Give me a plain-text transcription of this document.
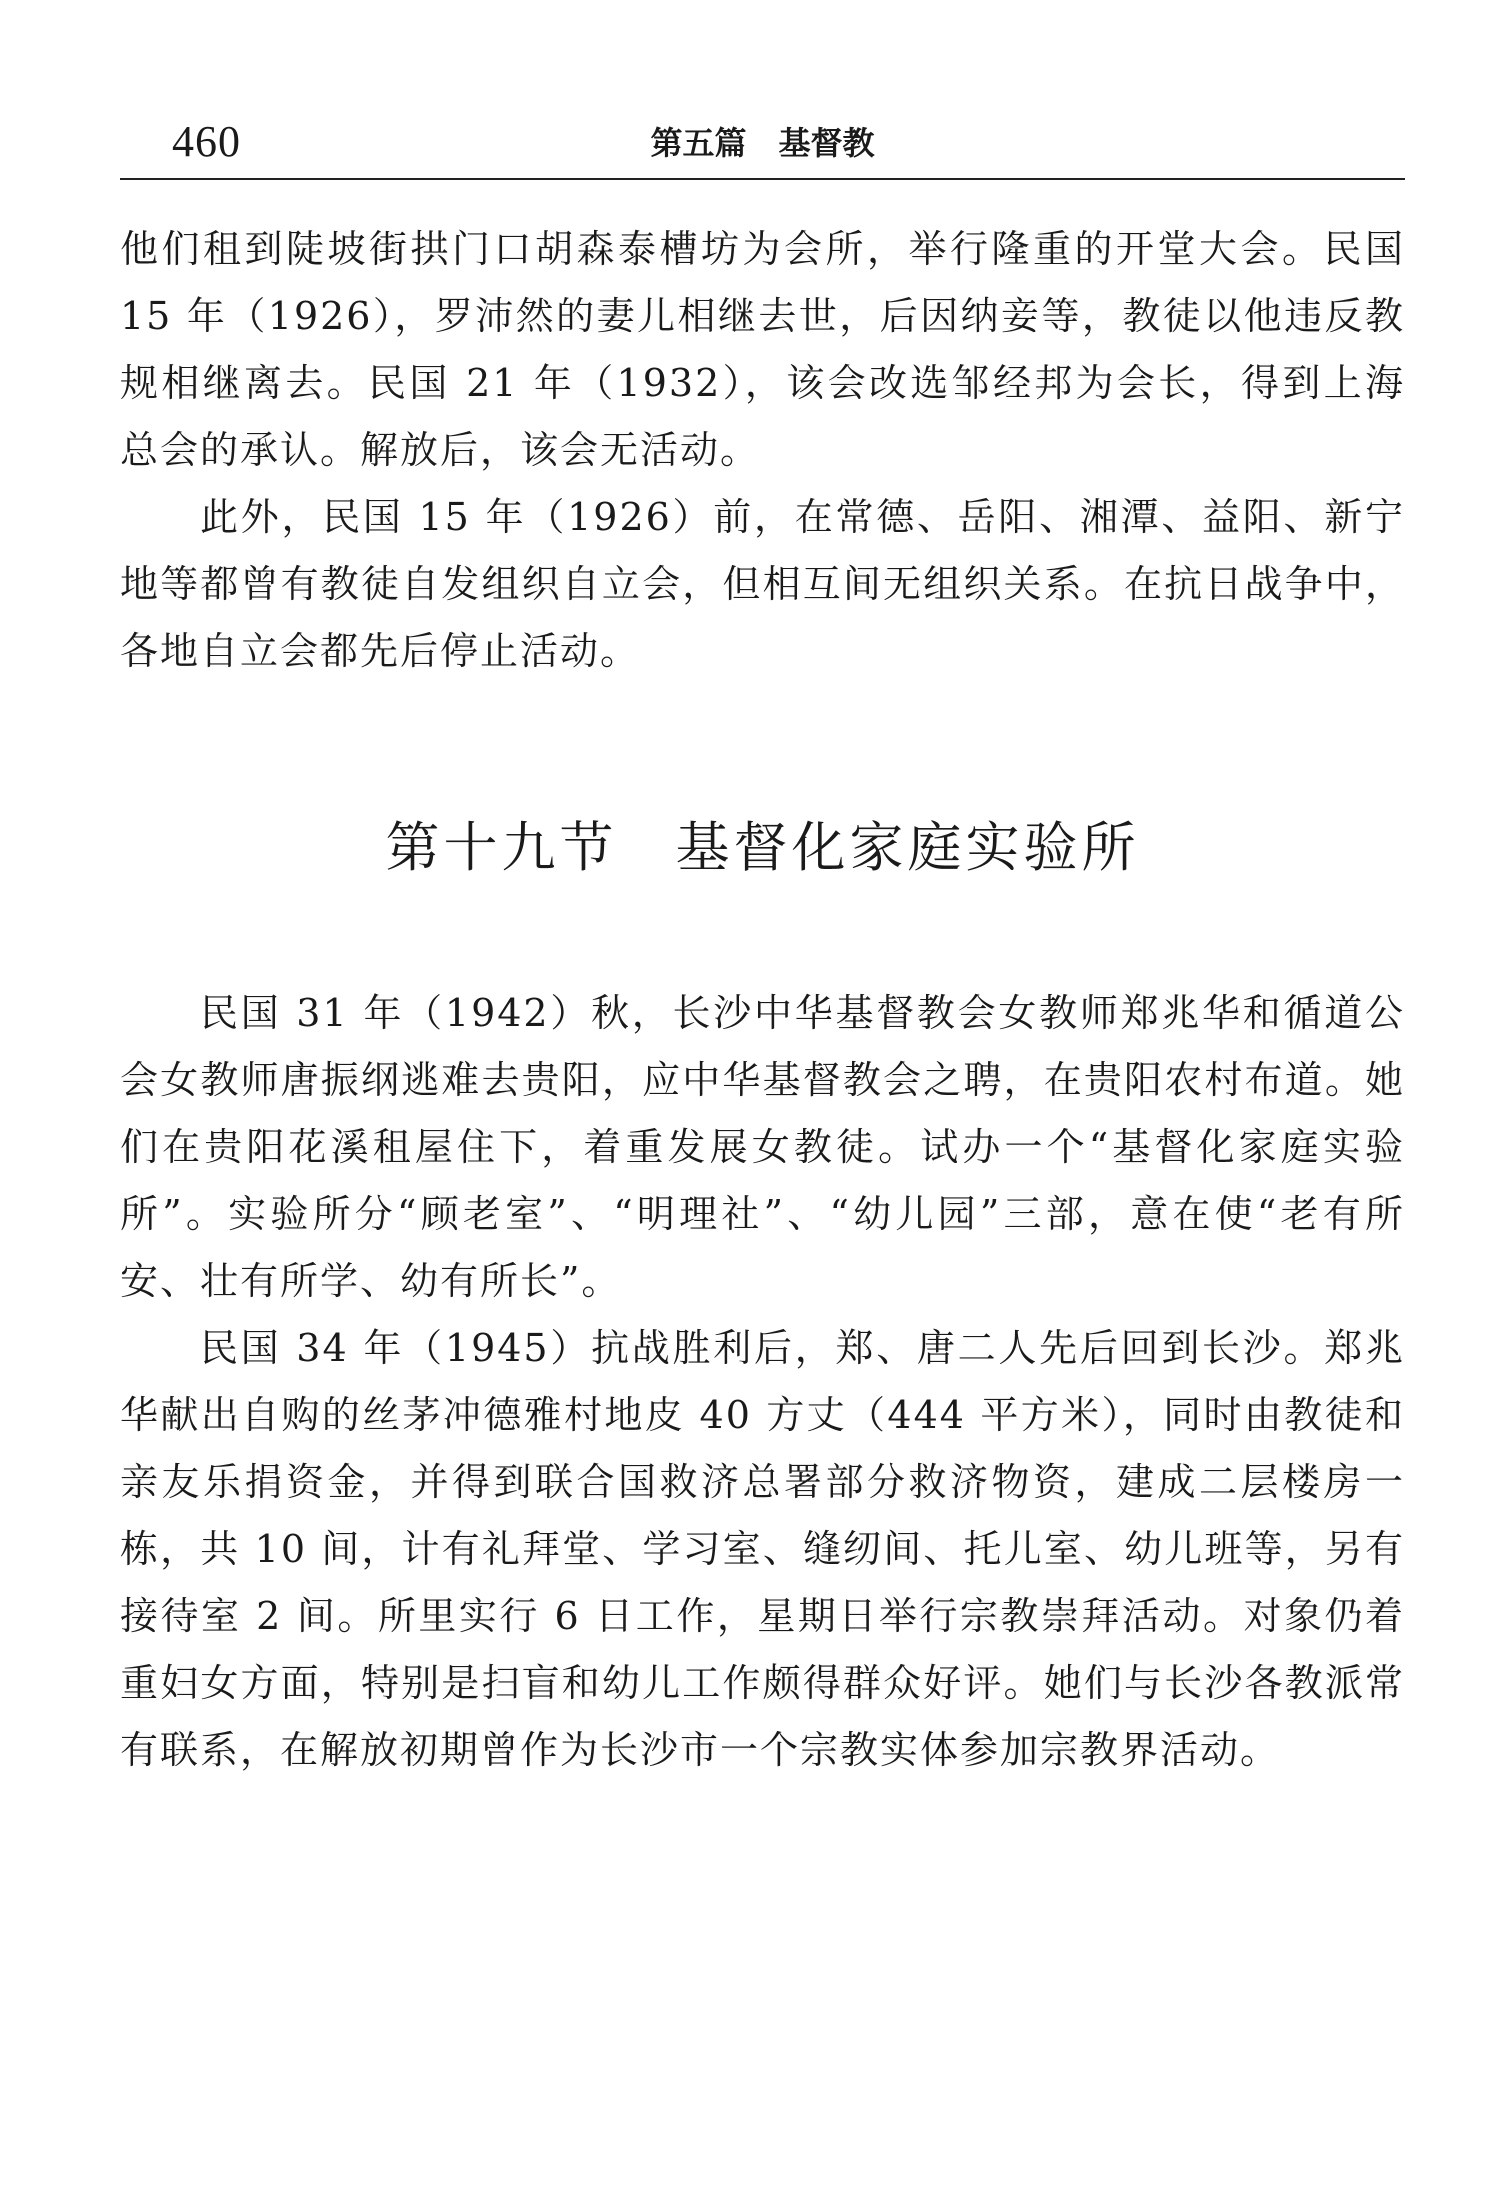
460	第五篇　基督教

他们租到陡坡街拱门口胡森泰槽坊为会所，举行隆重的开堂大会。民国 15 年（1926），罗沛然的妻儿相继去世，后因纳妾等，教徒以他违反教规相继离去。民国 21 年（1932），该会改选邹经邦为会长，得到上海总会的承认。解放后，该会无活动。

此外，民国 15 年（1926）前，在常德、岳阳、湘潭、益阳、新宁地等都曾有教徒自发组织自立会，但相互间无组织关系。在抗日战争中，各地自立会都先后停止活动。

第十九节　基督化家庭实验所

民国 31 年（1942）秋，长沙中华基督教会女教师郑兆华和循道公会女教师唐振纲逃难去贵阳，应中华基督教会之聘，在贵阳农村布道。她们在贵阳花溪租屋住下，着重发展女教徒。试办一个“基督化家庭实验所”。实验所分“顾老室”、“明理社”、“幼儿园”三部，意在使“老有所安、壮有所学、幼有所长”。

民国 34 年（1945）抗战胜利后，郑、唐二人先后回到长沙。郑兆华献出自购的丝茅冲德雅村地皮 40 方丈（444 平方米），同时由教徒和亲友乐捐资金，并得到联合国救济总署部分救济物资，建成二层楼房一栋，共 10 间，计有礼拜堂、学习室、缝纫间、托儿室、幼儿班等，另有接待室 2 间。所里实行 6 日工作，星期日举行宗教崇拜活动。对象仍着重妇女方面，特别是扫盲和幼儿工作颇得群众好评。她们与长沙各教派常有联系，在解放初期曾作为长沙市一个宗教实体参加宗教界活动。
